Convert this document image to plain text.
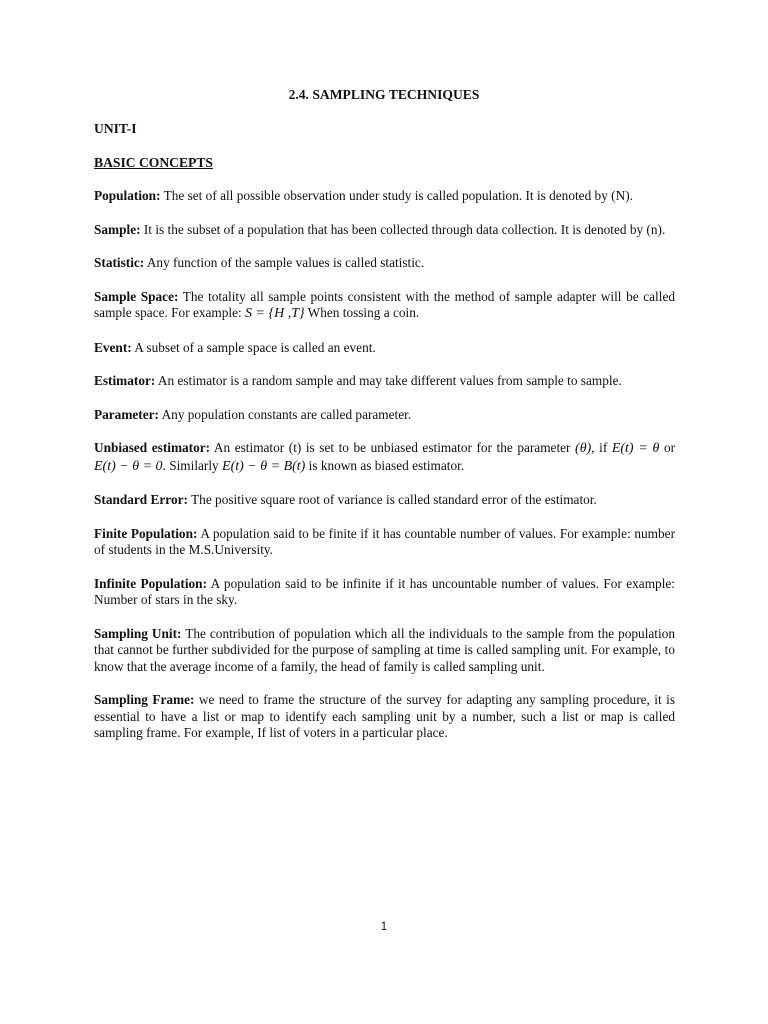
2.4. SAMPLING TECHNIQUES
UNIT-I
BASIC CONCEPTS

Population: The set of all possible observation under study is called population. It is denoted by (N).

Sample: It is the subset of a population that has been collected through data collection. It is denoted by (n).

Statistic: Any function of the sample values is called statistic.

Sample Space: The totality all sample points consistent with the method of sample adapter will be called sample space. For example: S = {H ,T} When tossing a coin.

Event: A subset of a sample space is called an event.

Estimator: An estimator is a random sample and may take different values from sample to sample.

Parameter: Any population constants are called parameter.

Unbiased estimator: An estimator (t) is set to be unbiased estimator for the parameter (θ), if E(t) = θ or E(t) − θ = 0. Similarly E(t) − θ = B(t) is known as biased estimator.

Standard Error: The positive square root of variance is called standard error of the estimator.

Finite Population: A population said to be finite if it has countable number of values. For example: number of students in the M.S.University.

Infinite Population: A population said to be infinite if it has uncountable number of values. For example: Number of stars in the sky.

Sampling Unit: The contribution of population which all the individuals to the sample from the population that cannot be further subdivided for the purpose of sampling at time is called sampling unit. For example, to know that the average income of a family, the head of family is called sampling unit.

Sampling Frame: we need to frame the structure of the survey for adapting any sampling procedure, it is essential to have a list or map to identify each sampling unit by a number, such a list or map is called sampling frame. For example, If list of voters in a particular place.

1
